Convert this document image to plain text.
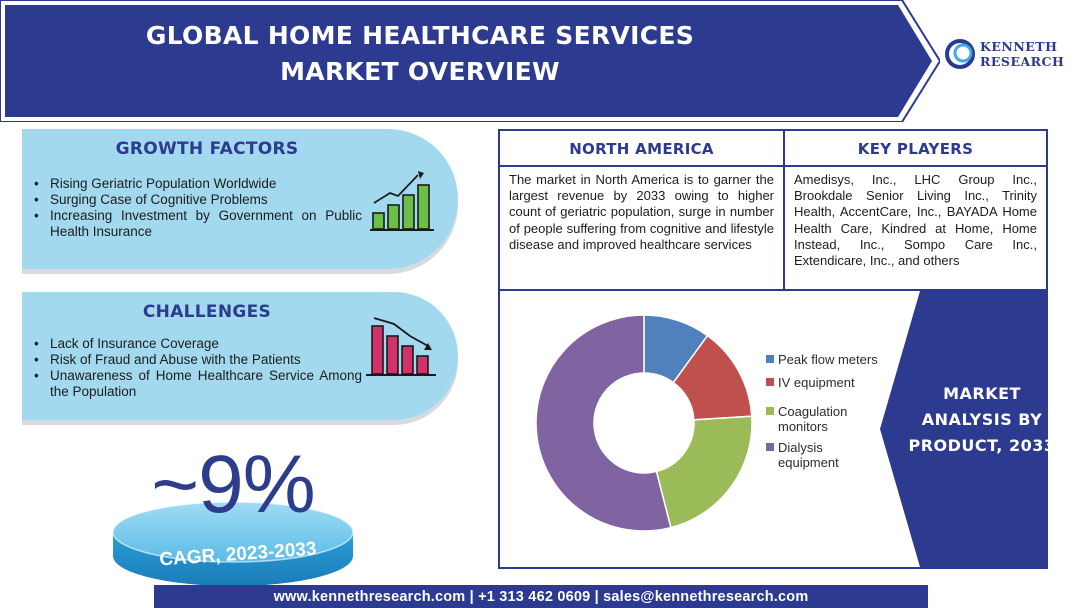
GLOBAL HOME HEALTHCARE SERVICES
MARKET OVERVIEW
KENNETH
RESEARCH
GROWTH FACTORS
• Rising Geriatric Population Worldwide
• Surging Case of Cognitive Problems
• Increasing Investment by Government on Public Health Insurance
CHALLENGES
• Lack of Insurance Coverage
• Risk of Fraud and Abuse with the Patients
• Unawareness of Home Healthcare Service Among the Population
~9%
CAGR, 2023-2033
NORTH AMERICA	KEY PLAYERS
The market in North America is to garner the largest revenue by 2033 owing to higher count of geriatric population, surge in number of people suffering from cognitive and lifestyle disease and improved healthcare services
Amedisys, Inc., LHC Group Inc., Brookdale Senior Living Inc., Trinity Health, AccentCare, Inc., BAYADA Home Health Care, Kindred at Home, Home Instead, Inc., Sompo Care Inc., Extendicare, Inc., and others
Peak flow meters
IV equipment
Coagulation monitors
Dialysis equipment
MARKET
ANALYSIS BY
PRODUCT, 2033
www.kennethresearch.com | +1 313 462 0609 | sales@kennethresearch.com
